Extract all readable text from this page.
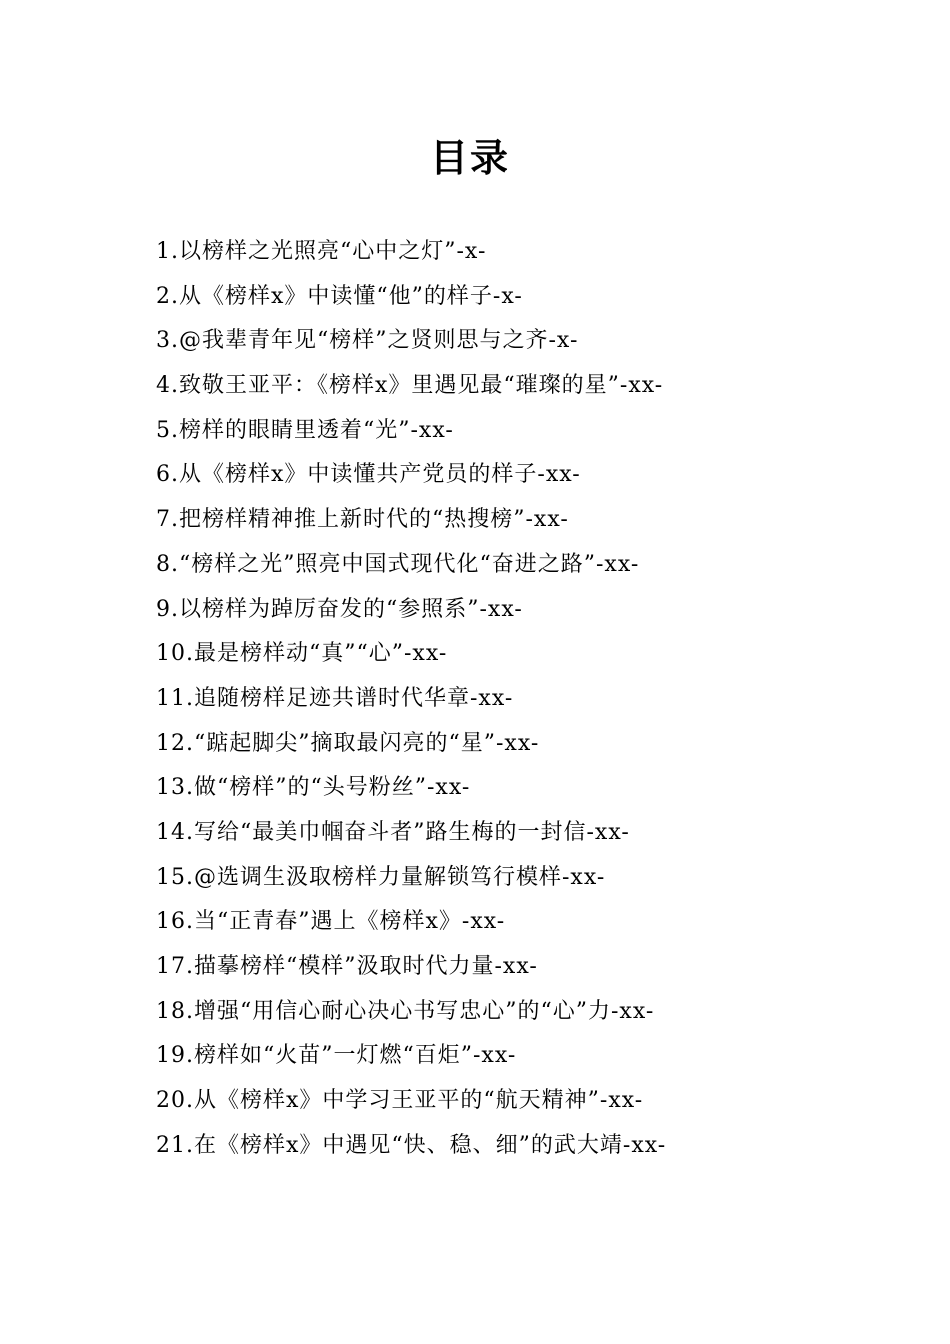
目录
1.以榜样之光照亮“心中之灯”-x-
2.从《榜样x》中读懂“他”的样子-x-
3.@我辈青年见“榜样”之贤则思与之齐-x-
4.致敬王亚平：《榜样x》里遇见最“璀璨的星”-xx-
5.榜样的眼睛里透着“光”-xx-
6.从《榜样x》中读懂共产党员的样子-xx-
7.把榜样精神推上新时代的“热搜榜”-xx-
8.“榜样之光”照亮中国式现代化“奋进之路”-xx-
9.以榜样为踔厉奋发的“参照系”-xx-
10.最是榜样动“真”“心”-xx-
11.追随榜样足迹共谱时代华章-xx-
12.“踮起脚尖”摘取最闪亮的“星”-xx-
13.做“榜样”的“头号粉丝”-xx-
14.写给“最美巾帼奋斗者”路生梅的一封信-xx-
15.@选调生汲取榜样力量解锁笃行模样-xx-
16.当“正青春”遇上《榜样x》-xx-
17.描摹榜样“模样”汲取时代力量-xx-
18.增强“用信心耐心决心书写忠心”的“心”力-xx-
19.榜样如“火苗”一灯燃“百炬”-xx-
20.从《榜样x》中学习王亚平的“航天精神”-xx-
21.在《榜样x》中遇见“快、稳、细”的武大靖-xx-
